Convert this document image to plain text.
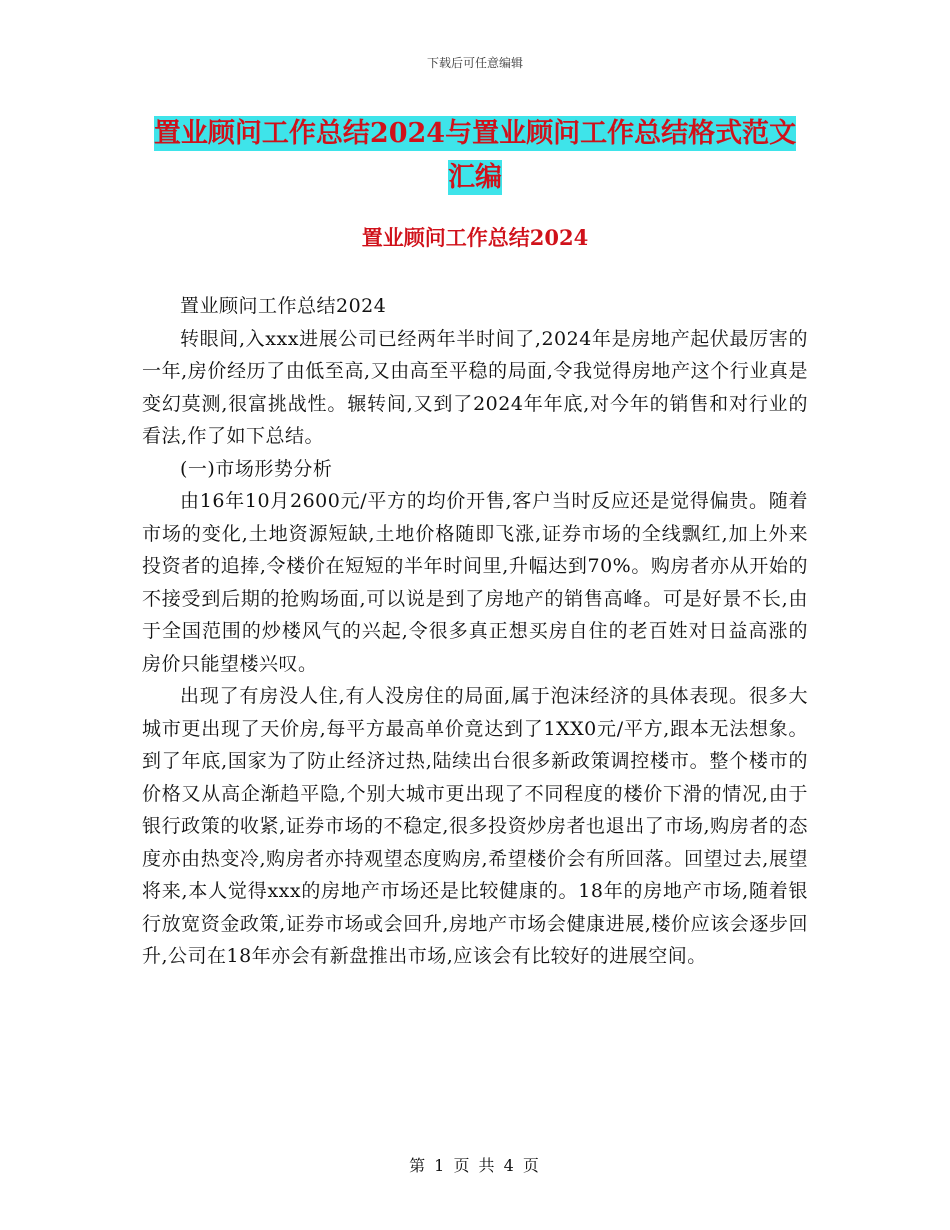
下载后可任意编辑
置业顾问工作总结2024与置业顾问工作总结格式范文
汇编
置业顾问工作总结2024

置业顾问工作总结2024

转眼间,入xxx进展公司已经两年半时间了,2024年是房地产起伏最厉害的一年,房价经历了由低至高,又由高至平稳的局面,令我觉得房地产这个行业真是变幻莫测,很富挑战性。辗转间,又到了2024年年底,对今年的销售和对行业的看法,作了如下总结。

(一)市场形势分析

由16年10月2600元/平方的均价开售,客户当时反应还是觉得偏贵。随着市场的变化,土地资源短缺,土地价格随即飞涨,证券市场的全线飘红,加上外来投资者的追捧,令楼价在短短的半年时间里,升幅达到70%。购房者亦从开始的不接受到后期的抢购场面,可以说是到了房地产的销售高峰。可是好景不长,由于全国范围的炒楼风气的兴起,令很多真正想买房自住的老百姓对日益高涨的房价只能望楼兴叹。

出现了有房没人住,有人没房住的局面,属于泡沫经济的具体表现。很多大城市更出现了天价房,每平方最高单价竟达到了1XX0元/平方,跟本无法想象。到了年底,国家为了防止经济过热,陆续出台很多新政策调控楼市。整个楼市的价格又从高企渐趋平隐,个别大城市更出现了不同程度的楼价下滑的情况,由于银行政策的收紧,证券市场的不稳定,很多投资炒房者也退出了市场,购房者的态度亦由热变冷,购房者亦持观望态度购房,希望楼价会有所回落。回望过去,展望将来,本人觉得xxx的房地产市场还是比较健康的。18年的房地产市场,随着银行放宽资金政策,证券市场或会回升,房地产市场会健康进展,楼价应该会逐步回升,公司在18年亦会有新盘推出市场,应该会有比较好的进展空间。

第 1 页 共 4 页
